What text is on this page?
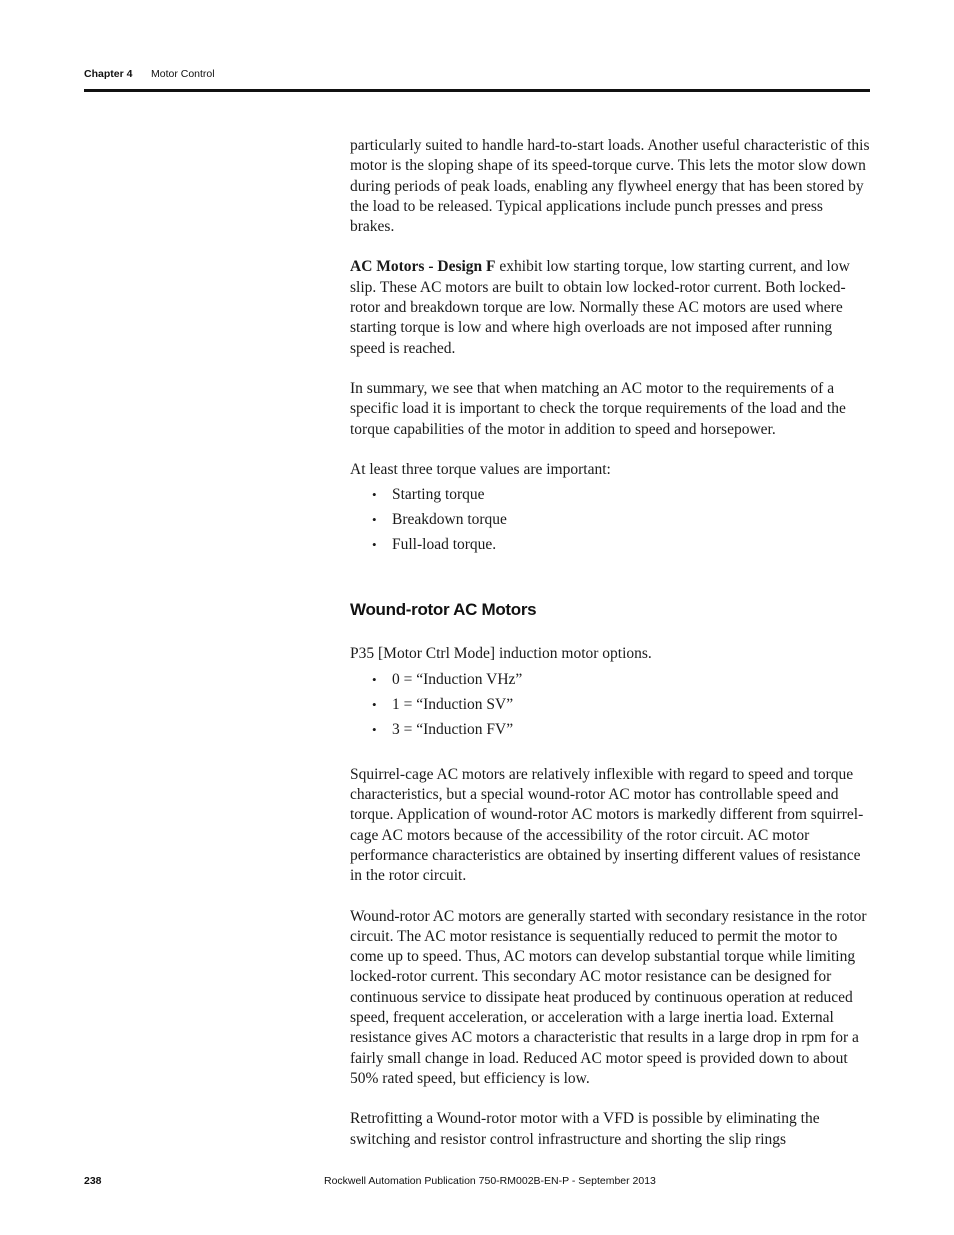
Chapter 4 Motor Control

particularly suited to handle hard-to-start loads. Another useful characteristic of this motor is the sloping shape of its speed-torque curve. This lets the motor slow down during periods of peak loads, enabling any flywheel energy that has been stored by the load to be released. Typical applications include punch presses and press brakes.

AC Motors - Design F exhibit low starting torque, low starting current, and low slip. These AC motors are built to obtain low locked-rotor current. Both locked-rotor and breakdown torque are low. Normally these AC motors are used where starting torque is low and where high overloads are not imposed after running speed is reached.

In summary, we see that when matching an AC motor to the requirements of a specific load it is important to check the torque requirements of the load and the torque capabilities of the motor in addition to speed and horsepower.

At least three torque values are important:

• Starting torque
• Breakdown torque
• Full-load torque.
Wound-rotor AC Motors

P35 [Motor Ctrl Mode] induction motor options.

• 0 = “Induction VHz”
• 1 = “Induction SV”
• 3 = “Induction FV”

Squirrel-cage AC motors are relatively inflexible with regard to speed and torque characteristics, but a special wound-rotor AC motor has controllable speed and torque. Application of wound-rotor AC motors is markedly different from squirrel-cage AC motors because of the accessibility of the rotor circuit. AC motor performance characteristics are obtained by inserting different values of resistance in the rotor circuit.

Wound-rotor AC motors are generally started with secondary resistance in the rotor circuit. The AC motor resistance is sequentially reduced to permit the motor to come up to speed. Thus, AC motors can develop substantial torque while limiting locked-rotor current. This secondary AC motor resistance can be designed for continuous service to dissipate heat produced by continuous operation at reduced speed, frequent acceleration, or acceleration with a large inertia load. External resistance gives AC motors a characteristic that results in a large drop in rpm for a fairly small change in load. Reduced AC motor speed is provided down to about 50% rated speed, but efficiency is low.

Retrofitting a Wound-rotor motor with a VFD is possible by eliminating the switching and resistor control infrastructure and shorting the slip rings

238	Rockwell Automation Publication 750-RM002B-EN-P - September 2013
